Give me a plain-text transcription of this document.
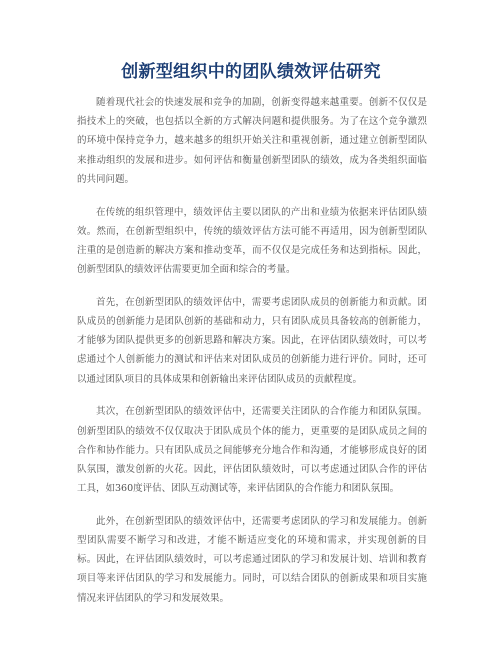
创新型组织中的团队绩效评估研究

随着现代社会的快速发展和竞争的加剧，创新变得越来越重要。创新不仅仅是指技术上的突破，也包括以全新的方式解决问题和提供服务。为了在这个竞争激烈的环境中保持竞争力，越来越多的组织开始关注和重视创新，通过建立创新型团队来推动组织的发展和进步。如何评估和衡量创新型团队的绩效，成为各类组织面临的共同问题。

在传统的组织管理中，绩效评估主要以团队的产出和业绩为依据来评估团队绩效。然而，在创新型组织中，传统的绩效评估方法可能不再适用，因为创新型团队注重的是创造新的解决方案和推动变革，而不仅仅是完成任务和达到指标。因此，创新型团队的绩效评估需要更加全面和综合的考量。

首先，在创新型团队的绩效评估中，需要考虑团队成员的创新能力和贡献。团队成员的创新能力是团队创新的基础和动力，只有团队成员具备较高的创新能力，才能够为团队提供更多的创新思路和解决方案。因此，在评估团队绩效时，可以考虑通过个人创新能力的测试和评估来对团队成员的创新能力进行评价。同时，还可以通过团队项目的具体成果和创新输出来评估团队成员的贡献程度。

其次，在创新型团队的绩效评估中，还需要关注团队的合作能力和团队氛围。创新型团队的绩效不仅仅取决于团队成员个体的能力，更重要的是团队成员之间的合作和协作能力。只有团队成员之间能够充分地合作和沟通，才能够形成良好的团队氛围，激发创新的火花。因此，评估团队绩效时，可以考虑通过团队合作的评估工具，如360度评估、团队互动测试等，来评估团队的合作能力和团队氛围。

此外，在创新型团队的绩效评估中，还需要考虑团队的学习和发展能力。创新型团队需要不断学习和改进，才能不断适应变化的环境和需求，并实现创新的目标。因此，在评估团队绩效时，可以考虑通过团队的学习和发展计划、培训和教育项目等来评估团队的学习和发展能力。同时，可以结合团队的创新成果和项目实施情况来评估团队的学习和发展效果。
